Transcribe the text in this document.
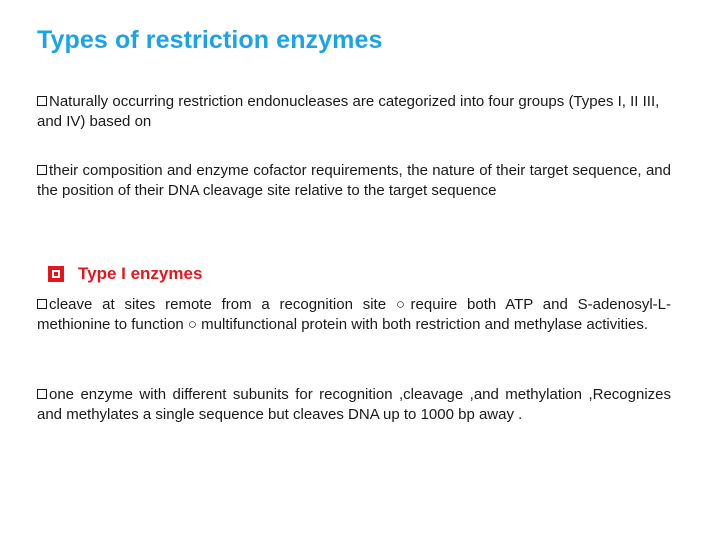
Types of restriction enzymes
Naturally occurring restriction endonucleases are categorized into four groups (Types I, II III, and IV) based on
their composition and enzyme cofactor requirements, the nature of their target sequence, and the position of their DNA cleavage site relative to the target sequence
Type I enzymes
cleave at sites remote from a recognition site ○require both ATP and S-adenosyl-L-methionine to function ○ multifunctional protein with both restriction and methylase activities.
one enzyme with different subunits for recognition ,cleavage ,and methylation ,Recognizes and methylates a single sequence but cleaves DNA up to 1000 bp away .
